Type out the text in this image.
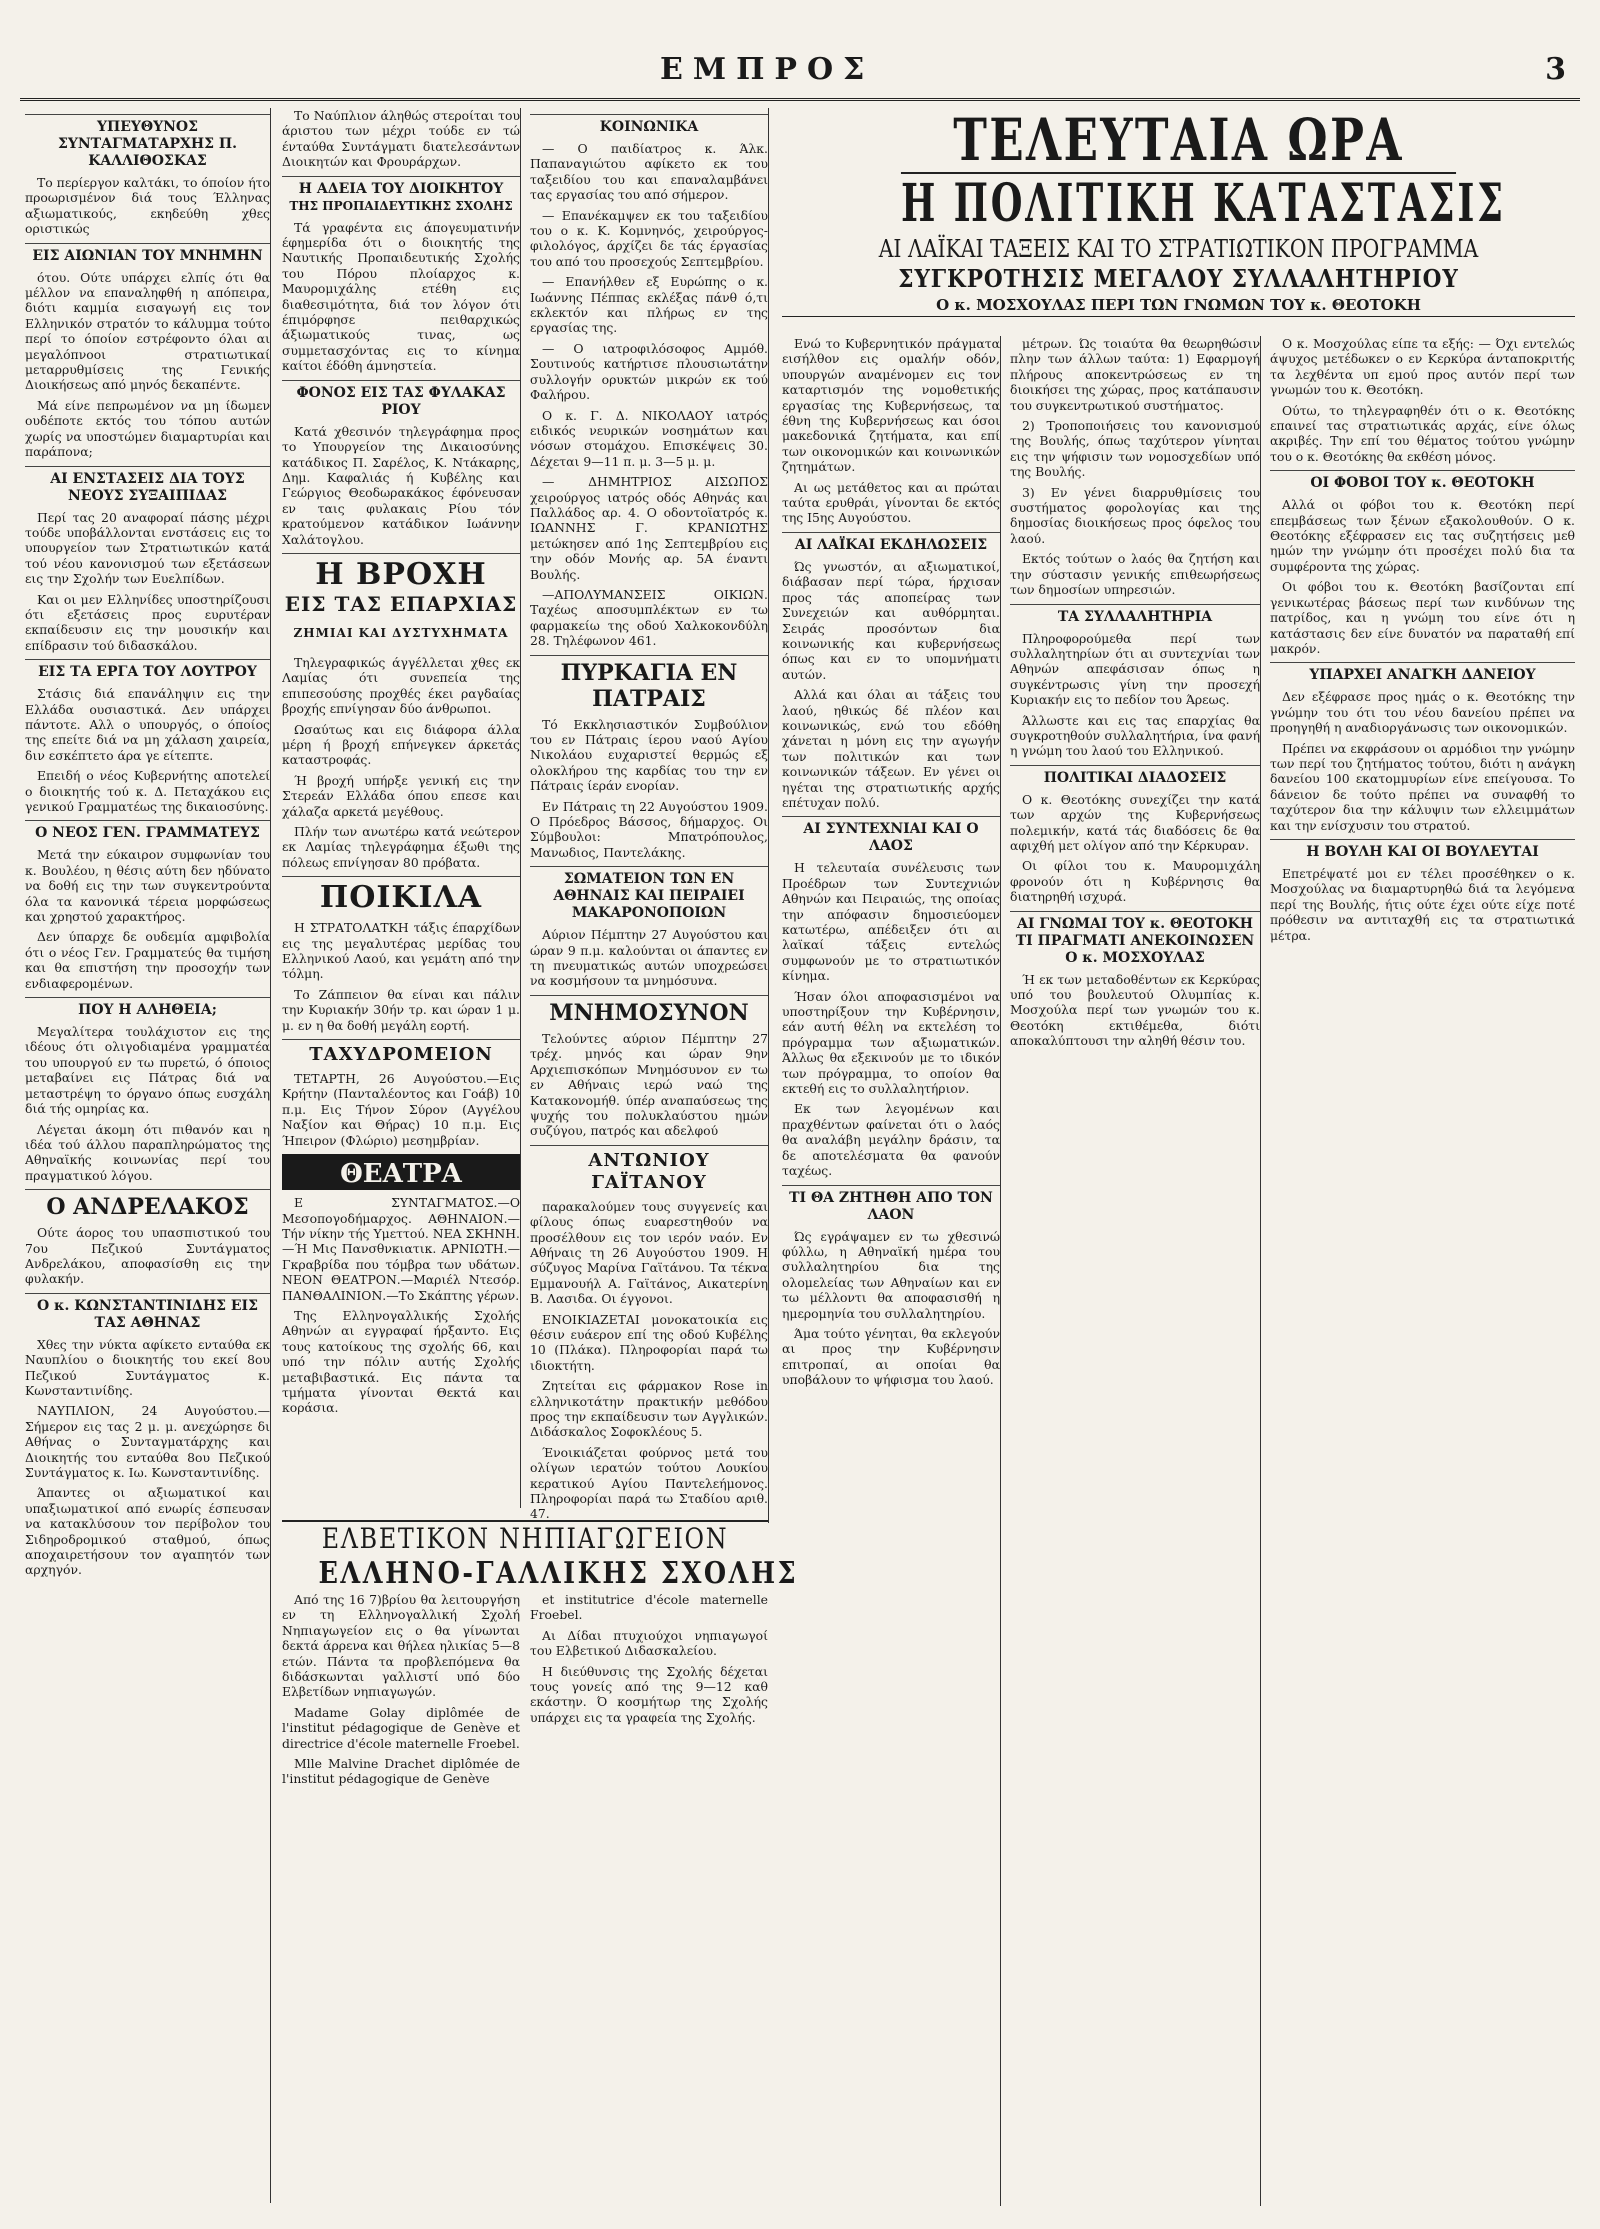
ΕΜΠΡΟΣ	3
ΥΠΕΥΘΥΝΟΣ ΣΥΝΤΑΓΜΑΤΑΡΧΗΣ Π. ΚΑΛΛΙΘΟΣΚΑΣ

Το περίεργον καλτάκι, το όποίον ήτο προωρισμένον διά τους Έλληνας αξιωματικούς, εκηδεύθη χθες οριστικώς

ΕΙΣ ΑΙΩΝΙΑΝ ΤΟΥ ΜΝΗΜΗΝ

ότου. Ούτε υπάρχει ελπίς ότι θα μέλλον να επαναληφθή η απόπειρα, διότι καμμία εισαγωγή εις τον Ελληνικόν στρατόν το κάλυμμα τούτο περί το όποίον εστρέφοντο όλαι αι μεγαλόπνοοι στρατιωτικαί μεταρρυθμίσεις της Γενικής Διοικήσεως από μηνός δεκαπέντε.

Μά είνε πεπρωμένον να μη ίδωμεν ουδέποτε εκτός του τόπου αυτών χωρίς να υποστώμεν διαμαρτυρίαι και παράπονα;

ΑΙ ΕΝΣΤΑΣΕΙΣ ΔΙΑ ΤΟΥΣ ΝΕΟΥΣ ΣΥΞΑΙΠΙΔΑΣ

Περί τας 20 αναφοραί πάσης μέχρι τούδε υποβάλλονται ενστάσεις εις το υπουργείον των Στρατιωτικών κατά τού νέου κανονισμού των εξετάσεων εις την Σχολήν των Ευελπίδων.

Και οι μεν Ελληνίδες υποστηρίζουσι ότι εξετάσεις προς ευρυτέραν εκπαίδευσιν εις την μουσικήν και επίδρασιν τού διδασκάλου.

ΕΙΣ ΤΑ ΕΡΓΑ ΤΟΥ ΛΟΥΤΡΟΥ

Στάσις διά επανάληψιν εις την Ελλάδα ουσιαστικά. Δεν υπάρχει πάντοτε. Αλλ ο υπουργός, ο όποίος της επείτε διά να μη χάλαση χαιρεία, διν εσκέπτετο άρα γε είτεπτε.

Επειδή ο νέος Κυβερνήτης αποτελεί ο διοικητής τού κ. Δ. Πεταχάκου εις γενικού Γραμματέως της δικαιοσύνης.

Ο ΝΕΟΣ ΓΕΝ. ΓΡΑΜΜΑΤΕΥΣ

Μετά την εύκαιρον συμφωνίαν του κ. Βουλέου, η θέσις αύτη δεν ηδύνατο να δοθή εις την των συγκεντρούντα όλα τα κανονικά τέρεια μορφώσεως και χρηστού χαρακτήρος.

Δεν ύπαρχε δε ουδεμία αμφιβολία ότι ο νέος Γεν. Γραμματεύς θα τιμήση και θα επιστήση την προσοχήν των ενδιαφερομένων.

ΠΟΥ Η ΑΛΗΘΕΙΑ;

Μεγαλίτερα τουλάχιστον εις της ιδέους ότι ολιγοδιαμένα γραμματέα του υπουργού εν τω πυρετώ, ό όποιος μεταβαίνει εις Πάτρας διά να μεταστρέψη το όργανο όπως ευσχάλη διά τής ομηρίας κα.

Λέγεται άκομη ότι πιθανόν και η ιδέα τού άλλου παραπληρώματος της Αθηναϊκής κοινωνίας περί του πραγματικού λόγου.

Ο ΑΝΔΡΕΛΑΚΟΣ

Ούτε άορος του υπασπιστικού του 7ου Πεζικού Συντάγματος Ανδρελάκου, αποφασίσθη εις την φυλακήν.

Ο κ. ΚΩΝΣΤΑΝΤΙΝΙΔΗΣ ΕΙΣ ΤΑΣ ΑΘΗΝΑΣ

Χθες την νύκτα αφίκετο ενταύθα εκ Ναυπλίου ο διοικητής του εκεί 8ου Πεζικού Συντάγματος κ. Κωνσταντινίδης.

ΝΑΥΠΛΙΟΝ, 24 Αυγούστου.—Σήμερον εις τας 2 μ. μ. ανεχώρησε δι Αθήνας ο Συνταγματάρχης και Διοικητής του ενταύθα 8ου Πεζικού Συντάγματος κ. Ιω. Κωνσταντινίδης.

Άπαντες οι αξιωματικοί και υπαξιωματικοί από ενωρίς έσπευσαν να κατακλύσουν τον περίβολον του Σιδηροδρομικού σταθμού, όπως αποχαιρετήσουν τον αγαπητόν των αρχηγόν.

Το Ναύπλιον άληθώς στεροίται του άριστου των μέχρι τούδε εν τώ ένταύθα Συντάγματι διατελεσάντων Διοικητών και Φρουράρχων.

Η ΑΔΕΙΑ ΤΟΥ ΔΙΟΙΚΗΤΟΥ
ΤΗΣ ΠΡΟΠΑΙΔΕΥΤΙΚΗΣ ΣΧΟΛΗΣ

Τά γραφέντα εις άπογευματινήν έφημερίδα ότι ο διοικητής της Ναυτικής Προπαιδευτικής Σχολής του Πόρου πλοίαρχος κ. Μαυρομιχάλης ετέθη εις διαθεσιμότητα, διά τον λόγον ότι έπιμόρφησε πειθαρχικώς άξιωματικούς τινας, ως συμμετασχόντας εις το κίνημα καίτοι έδόθη άμνηστεία.

ΦΟΝΟΣ ΕΙΣ ΤΑΣ ΦΥΛΑΚΑΣ ΡΙΟΥ

Κατά χθεσινόν τηλεγράφημα προς το Υπουργείον της Δικαιοσύνης κατάδικος Π. Σαρέλος, Κ. Ντάκαρης, Δημ. Καφαλιάς ή Κυβέλης και Γεώργιος Θεοδωρακάκος έφόνευσαν εν ταις φυλακαις Ρίου τόν κρατούμενον κατάδικον Ιωάννην Χαλάτογλου.

Η ΒΡΟΧΗ
ΕΙΣ ΤΑΣ ΕΠΑΡΧΙΑΣ
ΖΗΜΙΑΙ ΚΑΙ ΔΥΣΤΥΧΗΜΑΤΑ

Τηλεγραφικώς άγγέλλεται χθες εκ Λαμίας ότι συνεπεία της επιπεσούσης προχθές έκει ραγδαίας βροχής επνίγησαν δύο άνθρωποι.

Ωσαύτως και εις διάφορα άλλα μέρη ή βροχή επήνεγκεν άρκετάς καταστροφάς.

Ή βροχή υπήρξε γενική εις την Στερεάν Ελλάδα όπου επεσε και χάλαζα αρκετά μεγέθους.

Πλήν των ανωτέρω κατά νεώτερον εκ Λαμίας τηλεγράφημα έξωθι της πόλεως επνίγησαν 80 πρόβατα.

ΠΟΙΚΙΛΑ

Η ΣΤΡΑΤΟΛΑΤΚΗ τάξις έπαρχίδων εις της μεγαλυτέρας μερίδας του Ελληνικού Λαού, και γεμάτη από την τόλμη.

Το Ζάππειον θα είναι και πάλιν την Κυριακήν 30ήν τρ. και ώραν 1 μ. μ. εν η θα δοθή μεγάλη εορτή.

ΤΑΧΥΔΡΟΜΕΙΟΝ

ΤΕΤΑΡΤΗ, 26 Αυγούστου.—Εις Κρήτην (Πανταλέοντος και Γοάβ) 10 π.μ. Εις Τήνον Σύρον (Αγγέλου Ναξίον και Θήρας) 10 π.μ. Εις Ήπειρον (Φλώριο) μεσημβρίαν.

ΘΕΑΤΡΑ

Ε ΣΥΝΤΑΓΜΑΤΟΣ.—Ο Μεσοπογοδήμαρχος. ΑΘΗΝΑΙΟΝ.—Τήν νίκην τής Υμεττού. ΝΕΑ ΣΚΗΝΗ.—Ή Μις Πανσθνκιατικ. ΑΡΝΙΩΤΗ.—Γκραβρίδα που τόμβρα των υδάτων. ΝΕΟΝ ΘΕΑΤΡΟΝ.—Μαριέλ Ντεσόρ. ΠΑΝΘΑΛΙΝΙΟΝ.—Το Σκάπτης γέρων.

Της Ελληνογαλλικής Σχολής Αθηνών αι εγγραφαί ήρξαντο. Εις τους κατοίκους της σχολής 66, και υπό την πόλιν αυτής Σχολής μεταβιβαστικά. Εις πάντα τα τμήματα γίνονται Θεκτά και κοράσια.

ΚΟΙΝΩΝΙΚΑ

— Ο παιδίατρος κ. Άλκ. Παπαναγιώτου αφίκετο εκ του ταξειδίου του και επαναλαμβάνει τας εργασίας του από σήμερον.

— Επανέκαμψεν εκ του ταξειδίου του ο κ. Κ. Κομνηνός, χειρούργος-φιλολόγος, άρχίζει δε τάς έργασίας του από του προσεχούς Σεπτεμβρίου.

— Επανήλθεν εξ Ευρώπης ο κ. Ιωάννης Πέππας εκλέξας πάνθ ό,τι εκλεκτόν και πλήρως εν της εργασίας της.

— Ο ιατροφιλόσοφος Αμμόθ. Σουτινούς κατήρτισε πλουσιωτάτην συλλογήν ορυκτών μικρών εκ τού Φαλήρου.

Ο κ. Γ. Δ. ΝΙΚΟΛΑΟΥ ιατρός ειδικός νευρικών νοσημάτων και νόσων στομάχου. Επισκέψεις 30. Δέχεται 9—11 π. μ. 3—5 μ. μ.

— ΔΗΜΗΤΡΙΟΣ ΑΙΣΩΠΟΣ χειρούργος ιατρός οδός Αθηνάς και Παλλάδος αρ. 4. Ο οδοντοϊατρός κ. ΙΩΑΝΝΗΣ Γ. ΚΡΑΝΙΩΤΗΣ μετώκησεν από 1ης Σεπτεμβρίου εις την οδόν Μονής αρ. 5Α έναντι Βουλής.

—ΑΠΟΛΥΜΑΝΣΕΙΣ ΟΙΚΙΩΝ. Ταχέως αποσυμπλέκτων εν τω φαρμακείω της οδού Χαλκοκονδύλη 28. Τηλέφωνον 461.

ΠΥΡΚΑΓΙΑ ΕΝ ΠΑΤΡΑΙΣ

Τό Εκκλησιαστικόν Συμβούλιον του εν Πάτραις ίερου ναού Αγίου Νικολάου ευχαριστεί θερμώς εξ ολοκλήρου της καρδίας του την εν Πάτραις ίεράν ενορίαν.

Εν Πάτραις τη 22 Αυγούστου 1909. Ο Πρόεδρος Βάσσος, δήμαρχος. Οι Σύμβουλοι: Μπατρόπουλος, Μανωδιος, Παντελάκης.

ΣΩΜΑΤΕΙΟΝ ΤΩΝ ΕΝ ΑΘΗΝΑΙΣ ΚΑΙ ΠΕΙΡΑΙΕΙ ΜΑΚΑΡΟΝΟΠΟΙΩΝ

Αύριον Πέμπτην 27 Αυγούστου και ώραν 9 π.μ. καλούνται οι άπαντες εν τη πνευματικώς αυτών υποχρεώσει να κοσμήσουν τα μνημόσυνα.

ΜΝΗΜΟΣΥΝΟΝ

Τελούντες αύριον Πέμπτην 27 τρέχ. μηνός και ώραν 9ην Αρχιεπισκόπων Μνημόσυνον εν τω εν Αθήναις ιερώ ναώ της Κατακονομήθ. ύπέρ αναπαύσεως της ψυχής του πολυκλαύστου ημών συζύγου, πατρός και αδελφού

ΑΝΤΩΝΙΟΥ ΓΑΪΤΑΝΟΥ

παρακαλούμεν τους συγγενείς και φίλους όπως ευαρεστηθούν να προσέλθουν εις τον ιερόν ναόν. Εν Αθήναις τη 26 Αυγούστου 1909. Η σύζυγος Μαρίνα Γαϊτάνου. Τα τέκνα Εμμανουήλ Α. Γαϊτάνος, Αικατερίνη Β. Λασιδα. Οι έγγονοι.

ΕΝΟΙΚΙΑΖΕΤΑΙ μονοκατοικία εις θέσιν ευάερον επί της οδού Κυβέλης 10 (Πλάκα). Πληροφορίαι παρά τω ιδιοκτήτη.

Ζητείται εις φάρμακον Rose in ελληνικοτάτην πρακτικήν μεθόδου προς την εκπαίδευσιν των Αγγλικών. Διδάσκαλος Σοφοκλέους 5.

Ένοικιάζεται φούρνος μετά του ολίγων ιερατών τούτου Λουκίου κερατικού Αγίου Παντελεήμονος. Πληροφορίαι παρά τω Σταδίου αριθ. 47.

ΕΛΒΕΤΙΚΟΝ ΝΗΠΙΑΓΩΓΕΙΟΝ
ΕΛΛΗΝΟ-ΓΑΛΛΙΚΗΣ ΣΧΟΛΗΣ

Από της 16 7)βρίου θα λειτουργήση εν τη Ελληνογαλλική Σχολή Νηπιαγωγείον εις ο θα γίνωνται δεκτά άρρενα και θήλεα ηλικίας 5—8 ετών. Πάντα τα προβλεπόμενα θα διδάσκωνται γαλλιστί υπό δύο Ελβετίδων νηπιαγωγών.

Madame Golay diplômée de l'institut pédagogique de Genève et directrice d'école maternelle Froebel.

Mlle Malvine Drachet diplômée de l'institut pédagogique de Genève

et institutrice d'école maternelle Froebel.

Αι Δίδαι πτυχιούχοι νηπιαγωγοί του Ελβετικού Διδασκαλείου.

Η διεύθυνσις της Σχολής δέχεται τους γονείς από της 9—12 καθ εκάστην. Ό κοσμήτωρ της Σχολής υπάρχει εις τα γραφεία της Σχολής.

ΤΕΛΕΥΤΑΙΑ ΩΡΑ
Η ΠΟΛΙΤΙΚΗ ΚΑΤΑΣΤΑΣΙΣ
ΑΙ ΛΑΪΚΑΙ ΤΑΞΕΙΣ ΚΑΙ ΤΟ ΣΤΡΑΤΙΩΤΙΚΟΝ ΠΡΟΓΡΑΜΜΑ
ΣΥΓΚΡΟΤΗΣΙΣ ΜΕΓΑΛΟΥ ΣΥΛΛΑΛΗΤΗΡΙΟΥ
Ο κ. ΜΟΣΧΟΥΛΑΣ ΠΕΡΙ ΤΩΝ ΓΝΩΜΩΝ ΤΟΥ κ. ΘΕΟΤΟΚΗ

Ενώ το Κυβερνητικόν πράγματα εισήλθον εις ομαλήν οδόν, υπουργών αναμένομεν εις τον καταρτισμόν της νομοθετικής εργασίας της Κυβερνήσεως, τα έθνη της Κυβερνήσεως και όσοι μακεδονικά ζητήματα, και επί των οικονομικών και κοινωνικών ζητημάτων.

Αι ως μετάθετος και αι πρώται ταύτα ερυθράι, γίνονται δε εκτός της Ι5ης Αυγούστου.

ΑΙ ΛΑΪΚΑΙ ΕΚΔΗΛΩΣΕΙΣ

Ώς γνωστόν, αι αξιωματικοί, διάβασαν περί τώρα, ήρχισαν προς τάς αποπείρας των Συνεχειών και αυθόρμηται. Σειράς προσόντων δια κοινωνικής και κυβερνήσεως όπως και εν το υπομνήματι αυτών.

Αλλά και όλαι αι τάξεις του λαού, ηθικώς δέ πλέον και κοινωνικώς, ενώ του εδόθη χάνεται η μόνη εις την αγωγήν των πολιτικών και των κοινωνικών τάξεων. Εν γένει οι ηγέται της στρατιωτικής αρχής επέτυχαν πολύ.

ΑΙ ΣΥΝΤΕΧΝΙΑΙ ΚΑΙ Ο ΛΑΟΣ

Η τελευταία συνέλευσις των Προέδρων των Συντεχνιών Αθηνών και Πειραιώς, της οποίας την απόφασιν δημοσιεύομεν κατωτέρω, απέδειξεν ότι αι λαϊκαί τάξεις εντελώς συμφωνούν με το στρατιωτικόν κίνημα.

Ήσαν όλοι αποφασισμένοι να υποστηρίξουν την Κυβέρνησιν, εάν αυτή θέλη να εκτελέση το πρόγραμμα των αξιωματικών. Άλλως θα εξεκινούν με το ιδικόν των πρόγραμμα, το οποίον θα εκτεθή εις το συλλαλητήριον.

Εκ των λεγομένων και πραχθέντων φαίνεται ότι ο λαός θα αναλάβη μεγάλην δράσιν, τα δε αποτελέσματα θα φανούν ταχέως.

ΤΙ ΘΑ ΖΗΤΗΘΗ ΑΠΟ ΤΟΝ ΛΑΟΝ

Ώς εγράψαμεν εν τω χθεσινώ φύλλω, η Αθηναϊκή ημέρα του συλλαλητηρίου δια της ολομελείας των Αθηναίων και εν τω μέλλοντι θα αποφασισθή η ημερομηνία του συλλαλητηρίου.

Άμα τούτο γένηται, θα εκλεγούν αι προς την Κυβέρνησιν επιτροπαί, αι οποίαι θα υποβάλουν το ψήφισμα του λαού.

μέτρων. Ώς τοιαύτα θα θεωρηθώσιν πλην των άλλων ταύτα: 1) Εφαρμογή πλήρους αποκεντρώσεως εν τη διοικήσει της χώρας, προς κατάπαυσιν του συγκεντρωτικού συστήματος.

2) Τροποποιήσεις του κανονισμού της Βουλής, όπως ταχύτερον γίνηται εις την ψήφισιν των νομοσχεδίων υπό της Βουλής.

3) Εν γένει διαρρυθμίσεις του συστήματος φορολογίας και της δημοσίας διοικήσεως προς όφελος του λαού.

Εκτός τούτων ο λαός θα ζητήση και την σύστασιν γενικής επιθεωρήσεως των δημοσίων υπηρεσιών.

ΤΑ ΣΥΛΛΑΛΗΤΗΡΙΑ

Πληροφορούμεθα περί των συλλαλητηρίων ότι αι συντεχνίαι των Αθηνών απεφάσισαν όπως η συγκέντρωσις γίνη την προσεχή Κυριακήν εις το πεδίον του Άρεως.

Άλλωστε και εις τας επαρχίας θα συγκροτηθούν συλλαλητήρια, ίνα φανή η γνώμη του λαού του Ελληνικού.

ΠΟΛΙΤΙΚΑΙ ΔΙΑΔΟΣΕΙΣ

Ο κ. Θεοτόκης συνεχίζει την κατά των αρχών της Κυβερνήσεως πολεμικήν, κατά τάς διαδόσεις δε θα αφιχθή μετ ολίγον από την Κέρκυραν.

Οι φίλοι του κ. Μαυρομιχάλη φρονούν ότι η Κυβέρνησις θα διατηρηθή ισχυρά.

ΑΙ ΓΝΩΜΑΙ ΤΟΥ κ. ΘΕΟΤΟΚΗ ΤΙ ΠΡΑΓΜΑΤΙ ΑΝΕΚΟΙΝΩΣΕΝ Ο κ. ΜΟΣΧΟΥΛΑΣ

Ή εκ των μεταδοθέντων εκ Κερκύρας υπό του βουλευτού Ολυμπίας κ. Μοσχούλα περί των γνωμών του κ. Θεοτόκη εκτιθέμεθα, διότι αποκαλύπτουσι την αληθή θέσιν του.

Ο κ. Μοσχούλας είπε τα εξής: — Όχι εντελώς άψυχος μετέδωκεν ο εν Κερκύρα άνταποκριτής τα λεχθέντα υπ εμού προς αυτόν περί των γνωμών του κ. Θεοτόκη.

Ούτω, το τηλεγραφηθέν ότι ο κ. Θεοτόκης επαινεί τας στρατιωτικάς αρχάς, είνε όλως ακριβές. Την επί του θέματος τούτου γνώμην του ο κ. Θεοτόκης θα εκθέση μόνος.

ΟΙ ΦΟΒΟΙ ΤΟΥ κ. ΘΕΟΤΟΚΗ

Αλλά οι φόβοι του κ. Θεοτόκη περί επεμβάσεως των ξένων εξακολουθούν. Ο κ. Θεοτόκης εξέφρασεν εις τας συζητήσεις μεθ ημών την γνώμην ότι προσέχει πολύ δια τα συμφέροντα της χώρας.

Οι φόβοι του κ. Θεοτόκη βασίζονται επί γενικωτέρας βάσεως περί των κινδύνων της πατρίδος, και η γνώμη του είνε ότι η κατάστασις δεν είνε δυνατόν να παραταθή επί μακρόν.

ΥΠΑΡΧΕΙ ΑΝΑΓΚΗ ΔΑΝΕΙΟΥ

Δεν εξέφρασε προς ημάς ο κ. Θεοτόκης την γνώμην του ότι του νέου δανείου πρέπει να προηγηθή η αναδιοργάνωσις των οικονομικών.

Πρέπει να εκφράσουν οι αρμόδιοι την γνώμην των περί του ζητήματος τούτου, διότι η ανάγκη δανείου 100 εκατομμυρίων είνε επείγουσα. Το δάνειον δε τούτο πρέπει να συναφθή το ταχύτερον δια την κάλυψιν των ελλειμμάτων και την ενίσχυσιν του στρατού.

Η ΒΟΥΛΗ ΚΑΙ ΟΙ ΒΟΥΛΕΥΤΑΙ

Επετρέψατέ μοι εν τέλει προσέθηκεν ο κ. Μοσχούλας να διαμαρτυρηθώ διά τα λεγόμενα περί της Βουλής, ήτις ούτε έχει ούτε είχε ποτέ πρόθεσιν να αντιταχθή εις τα στρατιωτικά μέτρα.
